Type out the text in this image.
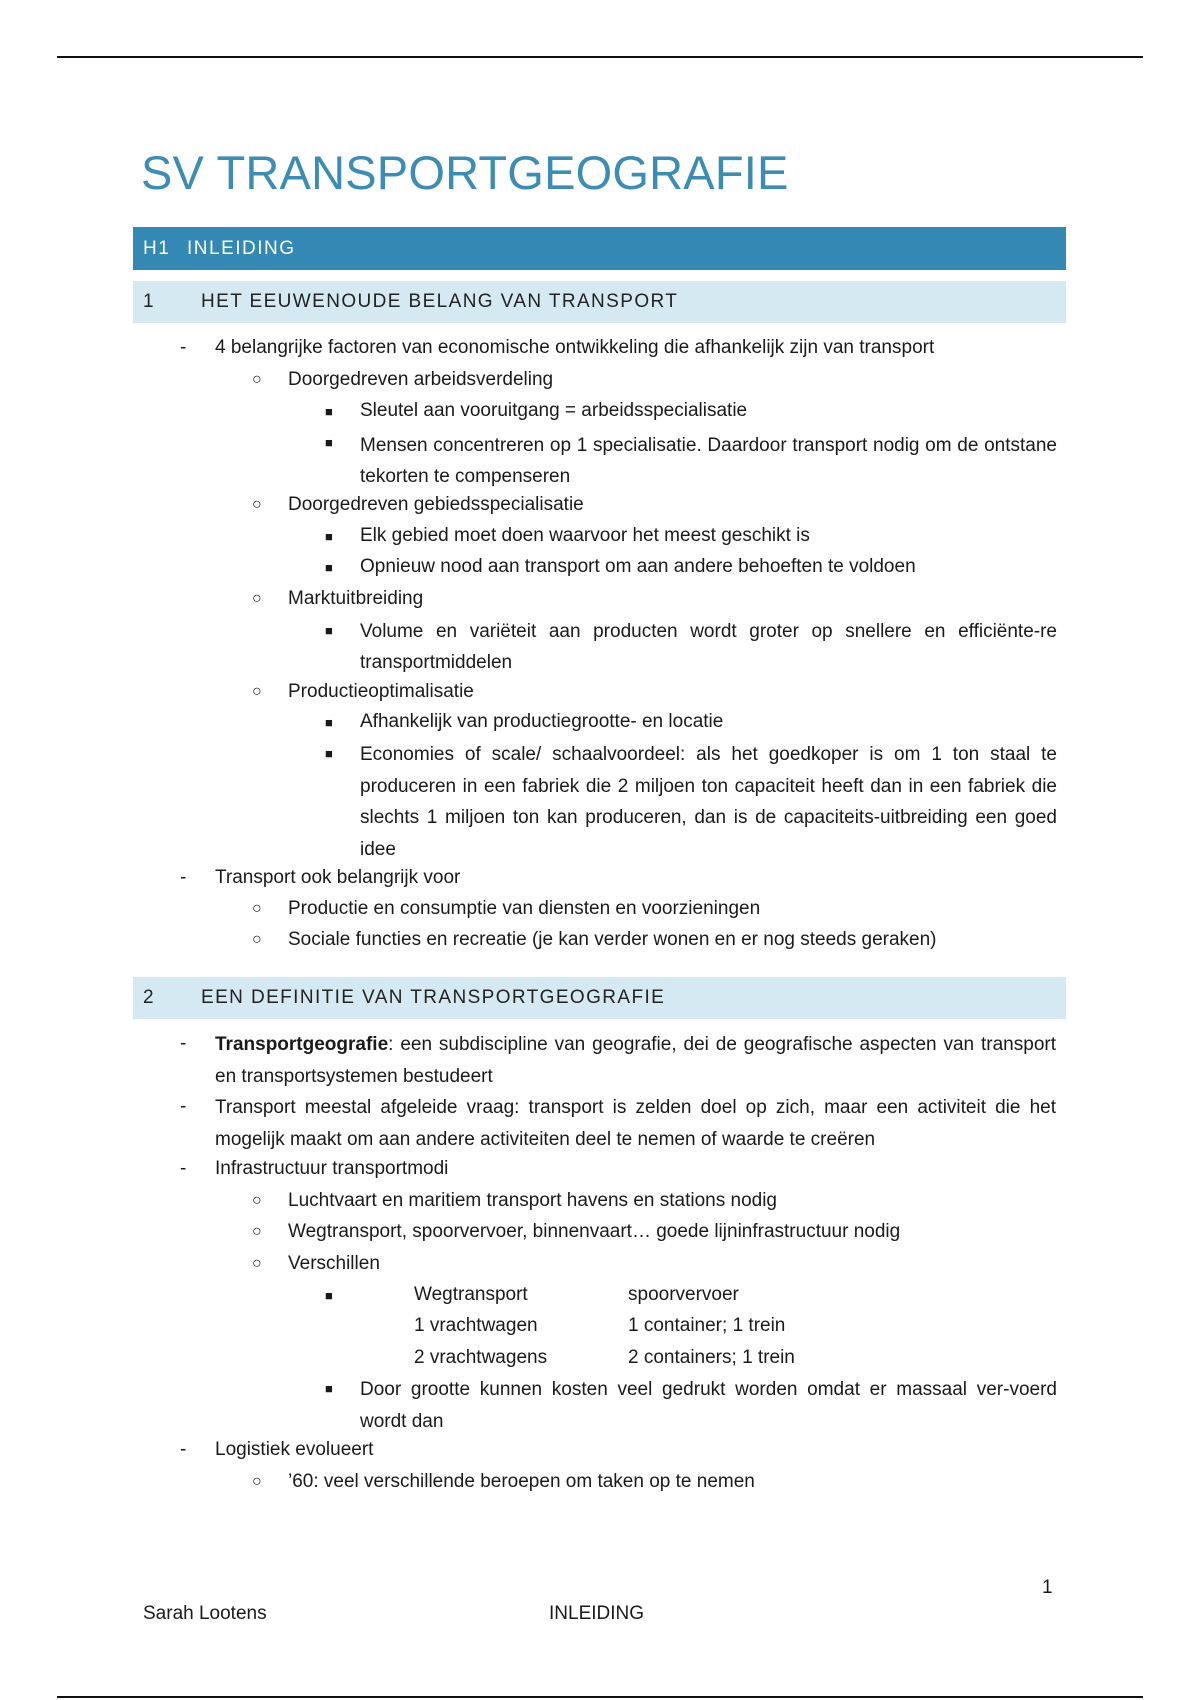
SV TRANSPORTGEOGRAFIE
H1 INLEIDING
1 HET EEUWENOUDE BELANG VAN TRANSPORT
- 4 belangrijke factoren van economische ontwikkeling die afhankelijk zijn van transport
○ Doorgedreven arbeidsverdeling
■ Sleutel aan vooruitgang = arbeidsspecialisatie
■ Mensen concentreren op 1 specialisatie. Daardoor transport nodig om de ontstane tekorten te compenseren
○ Doorgedreven gebiedsspecialisatie
■ Elk gebied moet doen waarvoor het meest geschikt is
■ Opnieuw nood aan transport om aan andere behoeften te voldoen
○ Marktuitbreiding
■ Volume en variëteit aan producten wordt groter op snellere en efficiënte-re transportmiddelen
○ Productieoptimalisatie
■ Afhankelijk van productiegrootte- en locatie
■ Economies of scale/ schaalvoordeel: als het goedkoper is om 1 ton staal te produceren in een fabriek die 2 miljoen ton capaciteit heeft dan in een fabriek die slechts 1 miljoen ton kan produceren, dan is de capaciteits-uitbreiding een goed idee
- Transport ook belangrijk voor
○ Productie en consumptie van diensten en voorzieningen
○ Sociale functies en recreatie (je kan verder wonen en er nog steeds geraken)
2 EEN DEFINITIE VAN TRANSPORTGEOGRAFIE
- Transportgeografie: een subdiscipline van geografie, dei de geografische aspecten van transport en transportsystemen bestudeert
- Transport meestal afgeleide vraag: transport is zelden doel op zich, maar een activiteit die het mogelijk maakt om aan andere activiteiten deel te nemen of waarde te creëren
- Infrastructuur transportmodi
○ Luchtvaart en maritiem transport havens en stations nodig
○ Wegtransport, spoorvervoer, binnenvaart… goede lijninfrastructuur nodig
○ Verschillen
■	Wegtransport	spoorvervoer
1 vrachtwagen	1 container; 1 trein
2 vrachtwagens	2 containers; 1 trein
■ Door grootte kunnen kosten veel gedrukt worden omdat er massaal ver-voerd wordt dan
- Logistiek evolueert
○ ’60: veel verschillende beroepen om taken op te nemen
1
Sarah Lootens	INLEIDING
